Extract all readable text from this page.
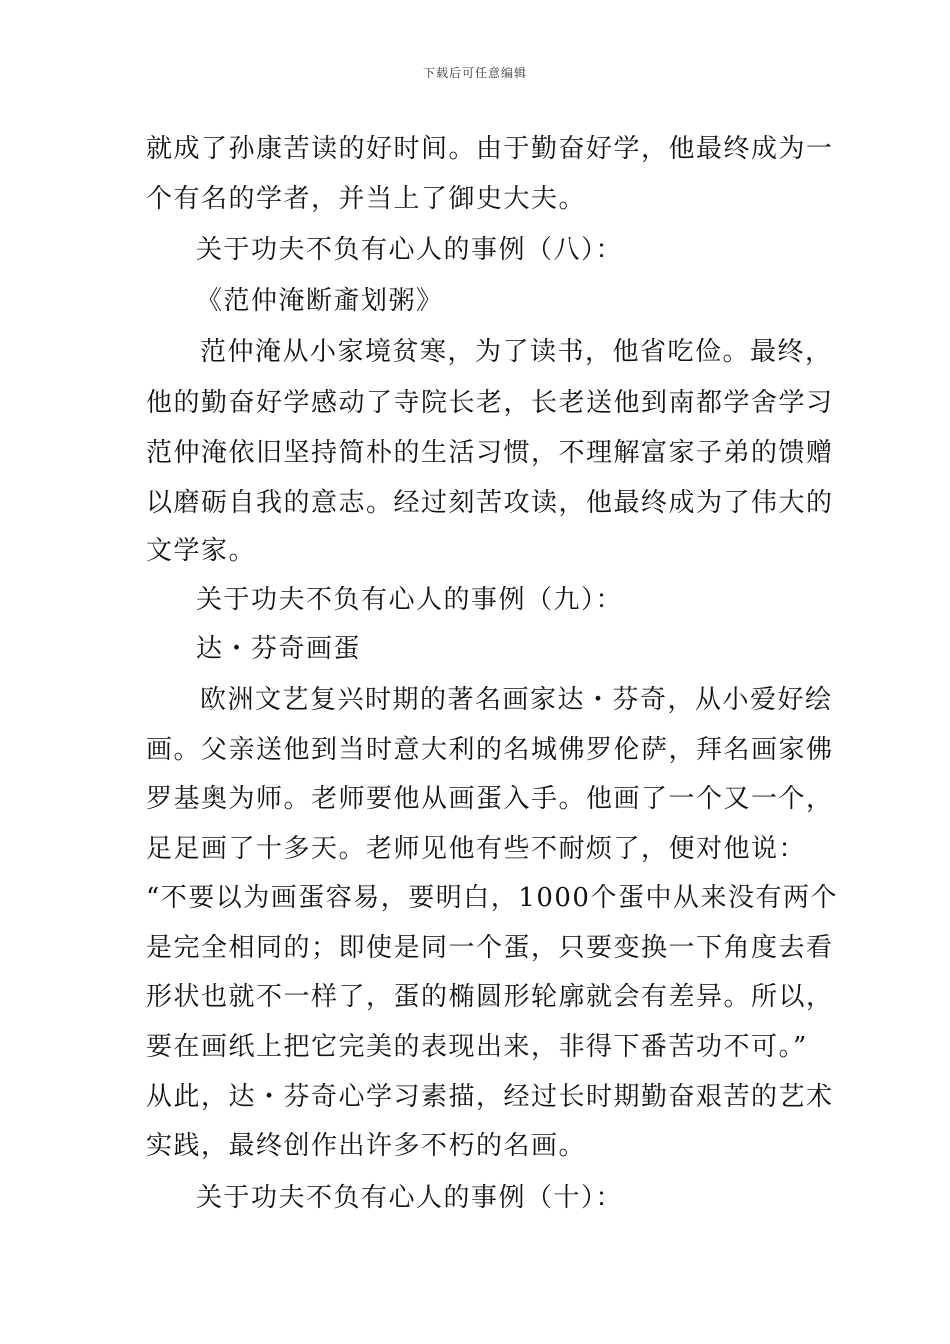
下载后可任意编辑
就成了孙康苦读的好时间。由于勤奋好学，他最终成为一
个有名的学者，并当上了御史大夫。
关于功夫不负有心人的事例（八）：
《范仲淹断齑划粥》
范仲淹从小家境贫寒，为了读书，他省吃俭。最终，
他的勤奋好学感动了寺院长老，长老送他到南都学舍学习
范仲淹依旧坚持简朴的生活习惯，不理解富家子弟的馈赠
以磨砺自我的意志。经过刻苦攻读，他最终成为了伟大的
文学家。
关于功夫不负有心人的事例（九）：
达・芬奇画蛋
欧洲文艺复兴时期的著名画家达・芬奇，从小爱好绘
画。父亲送他到当时意大利的名城佛罗伦萨，拜名画家佛
罗基奥为师。老师要他从画蛋入手。他画了一个又一个，
足足画了十多天。老师见他有些不耐烦了，便对他说：
“不要以为画蛋容易，要明白，1000个蛋中从来没有两个
是完全相同的；即使是同一个蛋，只要变换一下角度去看
形状也就不一样了，蛋的椭圆形轮廓就会有差异。所以，
要在画纸上把它完美的表现出来，非得下番苦功不可。”
从此，达・芬奇心学习素描，经过长时期勤奋艰苦的艺术
实践，最终创作出许多不朽的名画。
关于功夫不负有心人的事例（十）：
